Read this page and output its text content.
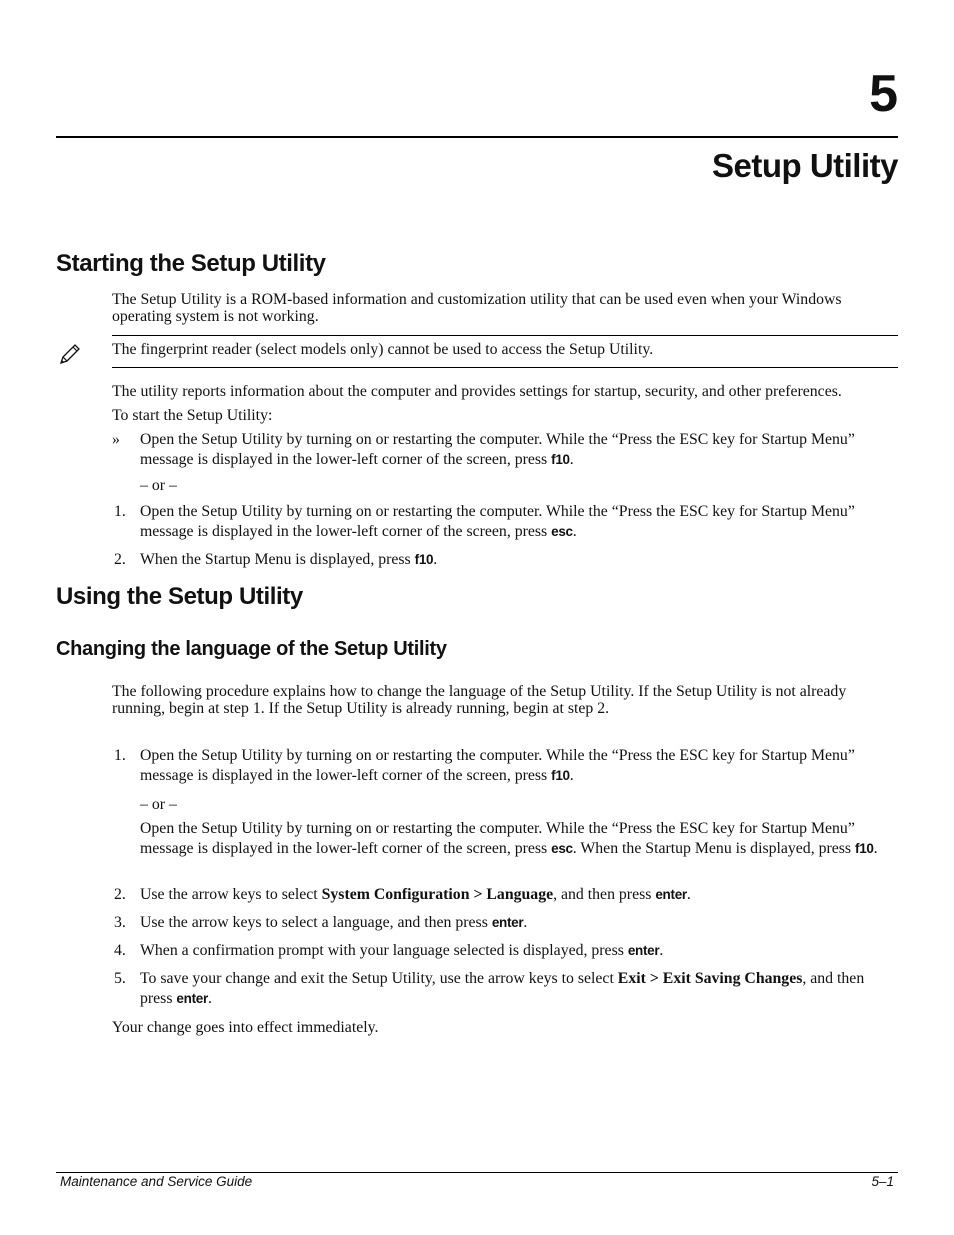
5
Setup Utility
Starting the Setup Utility

The Setup Utility is a ROM-based information and customization utility that can be used even when your Windows operating system is not working.

The fingerprint reader (select models only) cannot be used to access the Setup Utility.

The utility reports information about the computer and provides settings for startup, security, and other preferences.

To start the Setup Utility:

» Open the Setup Utility by turning on or restarting the computer. While the “Press the ESC key for Startup Menu” message is displayed in the lower-left corner of the screen, press f10.
– or –
1. Open the Setup Utility by turning on or restarting the computer. While the “Press the ESC key for Startup Menu” message is displayed in the lower-left corner of the screen, press esc.
2. When the Startup Menu is displayed, press f10.
Using the Setup Utility
Changing the language of the Setup Utility

The following procedure explains how to change the language of the Setup Utility. If the Setup Utility is not already running, begin at step 1. If the Setup Utility is already running, begin at step 2.

1. Open the Setup Utility by turning on or restarting the computer. While the “Press the ESC key for Startup Menu” message is displayed in the lower-left corner of the screen, press f10.
– or –
Open the Setup Utility by turning on or restarting the computer. While the “Press the ESC key for Startup Menu” message is displayed in the lower-left corner of the screen, press esc. When the Startup Menu is displayed, press f10.
2. Use the arrow keys to select System Configuration > Language, and then press enter.
3. Use the arrow keys to select a language, and then press enter.
4. When a confirmation prompt with your language selected is displayed, press enter.
5. To save your change and exit the Setup Utility, use the arrow keys to select Exit > Exit Saving Changes, and then press enter.

Your change goes into effect immediately.

Maintenance and Service Guide	5–1
